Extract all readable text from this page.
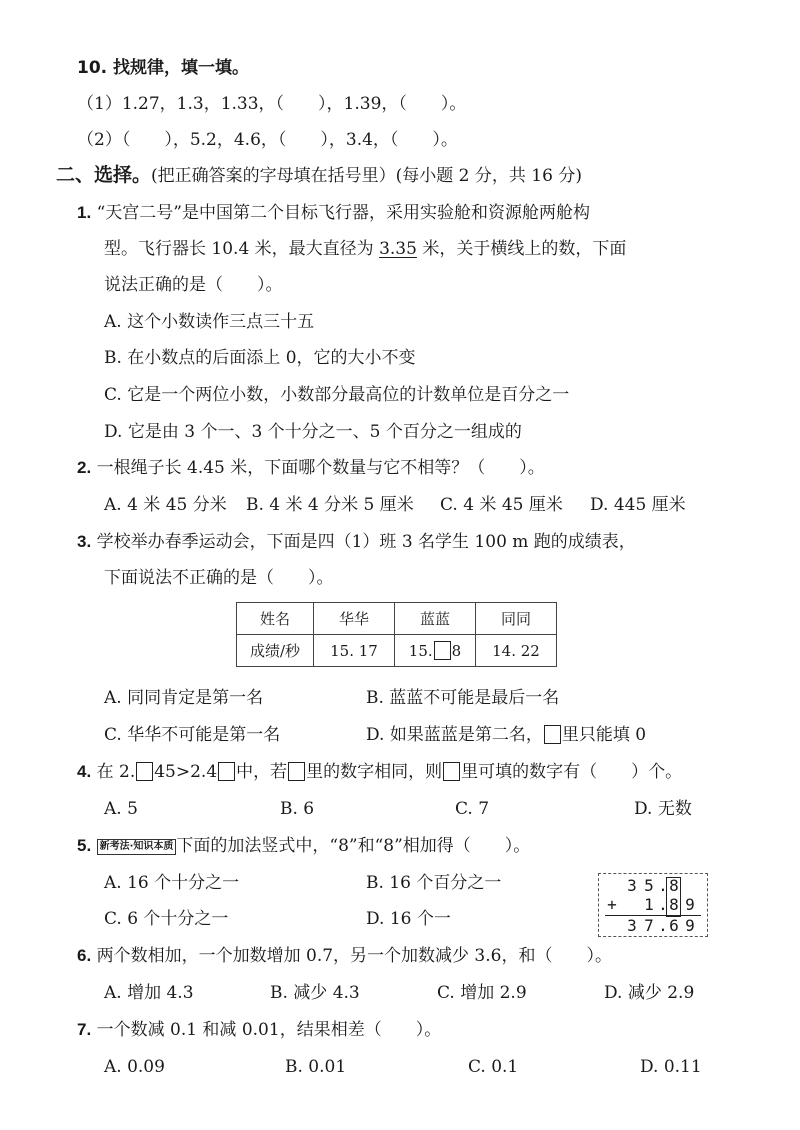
10. 找规律，填一填。
（1）1.27，1.3，1.33，（　　），1.39，（　　）。
（2）（　　），5.2，4.6，（　　），3.4，（　　）。
二、选择。(把正确答案的字母填在括号里）(每小题 2 分，共 16 分)
1. “天宫二号”是中国第二个目标飞行器，采用实验舱和资源舱两舱构
型。飞行器长 10.4 米，最大直径为 3.35 米，关于横线上的数，下面
说法正确的是（　　）。
A. 这个小数读作三点三十五
B. 在小数点的后面添上 0，它的大小不变
C. 它是一个两位小数，小数部分最高位的计数单位是百分之一
D. 它是由 3 个一、3 个十分之一、5 个百分之一组成的
2. 一根绳子长 4.45 米，下面哪个数量与它不相等？（　　）。
A. 4 米 45 分米 B. 4 米 4 分米 5 厘米 C. 4 米 45 厘米 D. 445 厘米
3. 学校举办春季运动会，下面是四（1）班 3 名学生 100 m 跑的成绩表，
下面说法不正确的是（　　）。
姓名	华华	蓝蓝	同同
成绩/秒	15. 17	15. 8	14. 22
A. 同同肯定是第一名	B. 蓝蓝不可能是最后一名
C. 华华不可能是第一名	D. 如果蓝蓝是第二名， 里只能填 0
4. 在 2. 45>2.4 中，若 里的数字相同，则 里可填的数字有（　　）个。
A. 5	B. 6	C. 7	D. 无数
5. 新考法·知识本质 下面的加法竖式中，“8”和“8”相加得（　　）。
A. 16 个十分之一	B. 16 个百分之一
C. 6 个十分之一	D. 16 个一
3 5 . 8
+ 1 . 8 9
3 7 . 6 9
6. 两个数相加，一个加数增加 0.7，另一个加数减少 3.6，和（　　）。
A. 增加 4.3	B. 减少 4.3	C. 增加 2.9	D. 减少 2.9
7. 一个数减 0.1 和减 0.01，结果相差（　　）。
A. 0.09	B. 0.01	C. 0.1	D. 0.11
